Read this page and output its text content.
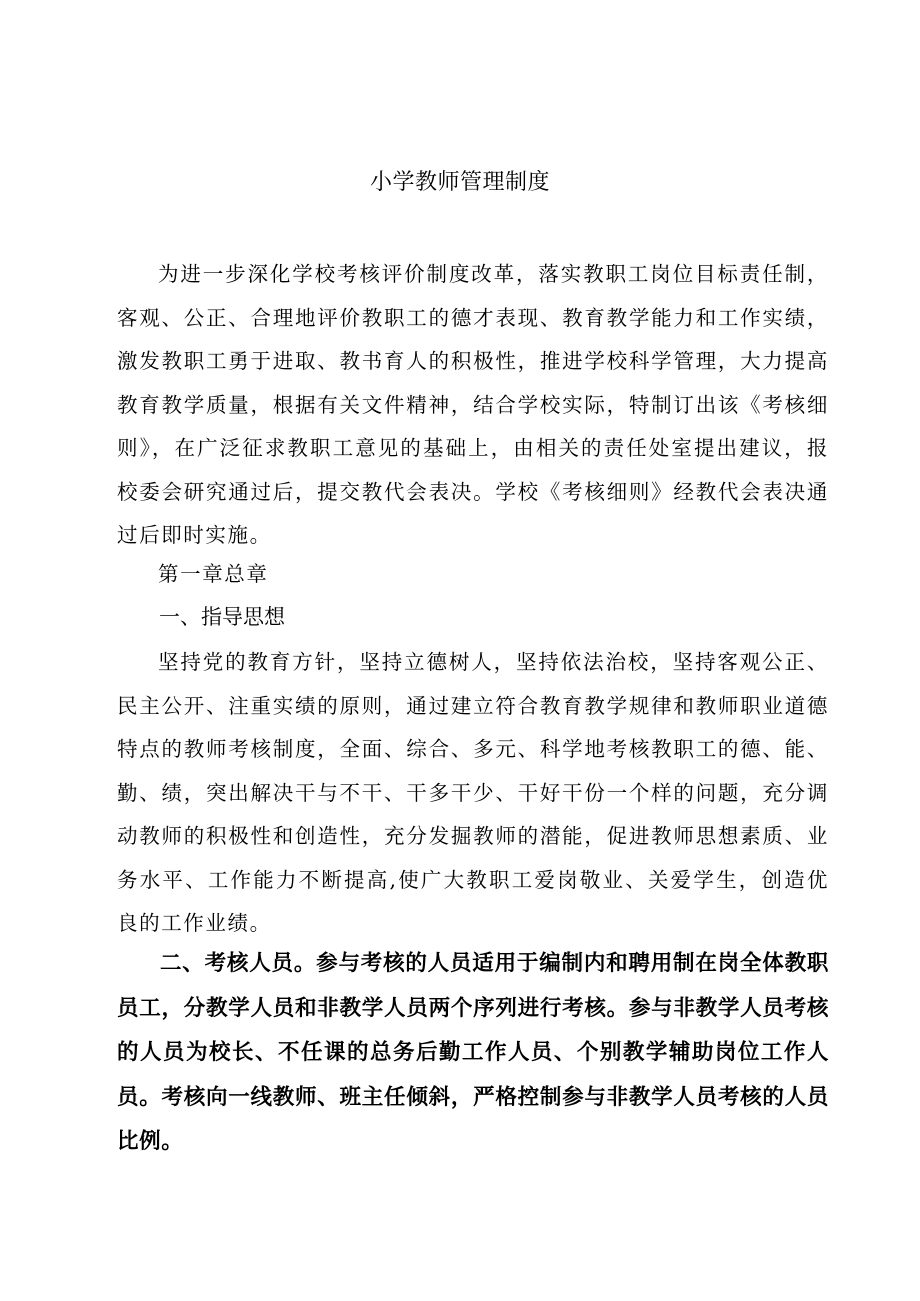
小学教师管理制度

为进一步深化学校考核评价制度改革，落实教职工岗位目标责任制，客观、公正、合理地评价教职工的德才表现、教育教学能力和工作实绩，激发教职工勇于进取、教书育人的积极性，推进学校科学管理，大力提高教育教学质量，根据有关文件精神，结合学校实际，特制订出该《考核细则》，在广泛征求教职工意见的基础上，由相关的责任处室提出建议，报校委会研究通过后，提交教代会表决。学校《考核细则》经教代会表决通过后即时实施。

第一章总章

一、指导思想

坚持党的教育方针，坚持立德树人，坚持依法治校，坚持客观公正、民主公开、注重实绩的原则，通过建立符合教育教学规律和教师职业道德特点的教师考核制度，全面、综合、多元、科学地考核教职工的德、能、勤、绩，突出解决干与不干、干多干少、干好干份一个样的问题，充分调动教师的积极性和创造性，充分发掘教师的潜能，促进教师思想素质、业务水平、工作能力不断提高,使广大教职工爱岗敬业、关爱学生，创造优良的工作业绩。

二、考核人员。参与考核的人员适用于编制内和聘用制在岗全体教职员工，分教学人员和非教学人员两个序列进行考核。参与非教学人员考核的人员为校长、不任课的总务后勤工作人员、个别教学辅助岗位工作人员。考核向一线教师、班主任倾斜，严格控制参与非教学人员考核的人员比例。
